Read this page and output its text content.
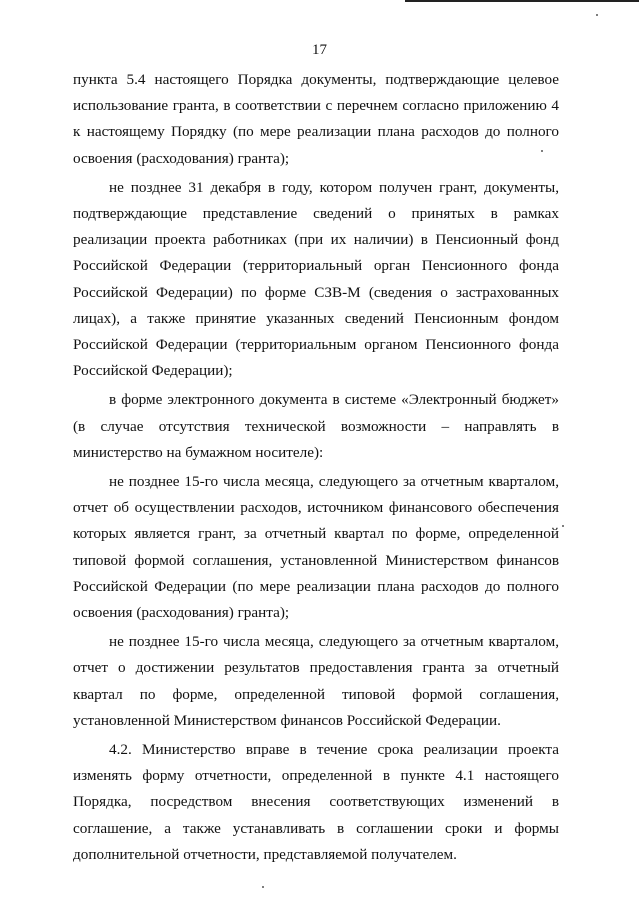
17

пункта 5.4 настоящего Порядка документы, подтверждающие целевое использование гранта, в соответствии с перечнем согласно приложению 4 к настоящему Порядку (по мере реализации плана расходов до полного освоения (расходования) гранта);

не позднее 31 декабря в году, котором получен грант, документы, подтверждающие представление сведений о принятых в рамках реализации проекта работниках (при их наличии) в Пенсионный фонд Российской Федерации (территориальный орган Пенсионного фонда Российской Федерации) по форме СЗВ-М (сведения о застрахованных лицах), а также принятие указанных сведений Пенсионным фондом Российской Федерации (территориальным органом Пенсионного фонда Российской Федерации);

в форме электронного документа в системе «Электронный бюджет» (в случае отсутствия технической возможности – направлять в министерство на бумажном носителе):

не позднее 15-го числа месяца, следующего за отчетным кварталом, отчет об осуществлении расходов, источником финансового обеспечения которых является грант, за отчетный квартал по форме, определенной типовой формой соглашения, установленной Министерством финансов Российской Федерации (по мере реализации плана расходов до полного освоения (расходования) гранта);

не позднее 15-го числа месяца, следующего за отчетным кварталом, отчет о достижении результатов предоставления гранта за отчетный квартал по форме, определенной типовой формой соглашения, установленной Министерством финансов Российской Федерации.

4.2. Министерство вправе в течение срока реализации проекта изменять форму отчетности, определенной в пункте 4.1 настоящего Порядка, посредством внесения соответствующих изменений в соглашение, а также устанавливать в соглашении сроки и формы дополнительной отчетности, представляемой получателем.
